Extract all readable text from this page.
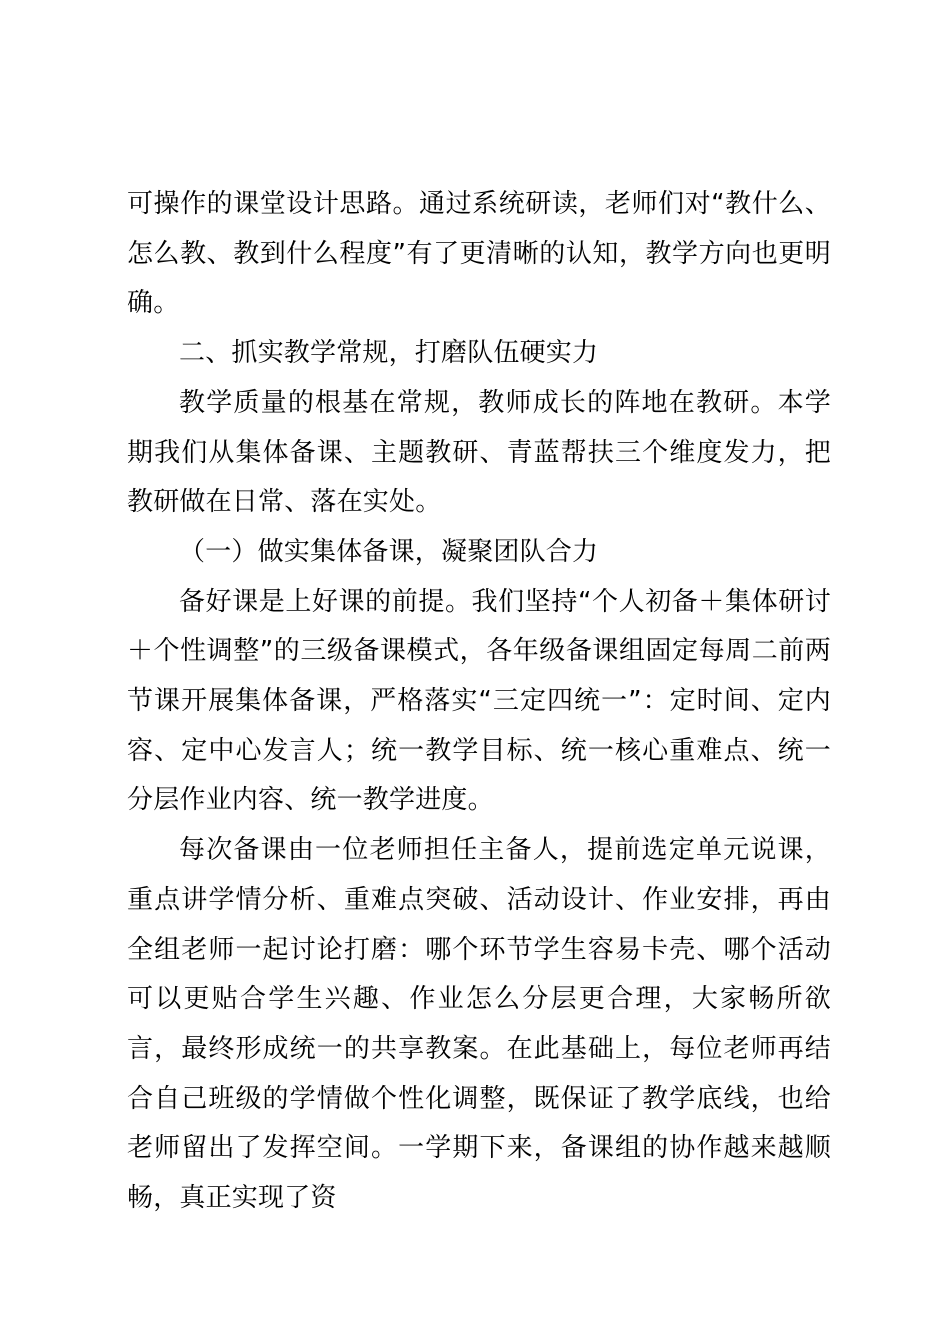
可操作的课堂设计思路。通过系统研读，老师们对“教什么、怎么教、教到什么程度”有了更清晰的认知，教学方向也更明确。

二、抓实教学常规，打磨队伍硬实力

教学质量的根基在常规，教师成长的阵地在教研。本学期我们从集体备课、主题教研、青蓝帮扶三个维度发力，把教研做在日常、落在实处。

（一）做实集体备课，凝聚团队合力

备好课是上好课的前提。我们坚持“个人初备＋集体研讨＋个性调整”的三级备课模式，各年级备课组固定每周二前两节课开展集体备课，严格落实“三定四统一”：定时间、定内容、定中心发言人；统一教学目标、统一核心重难点、统一分层作业内容、统一教学进度。

每次备课由一位老师担任主备人，提前选定单元说课，重点讲学情分析、重难点突破、活动设计、作业安排，再由全组老师一起讨论打磨：哪个环节学生容易卡壳、哪个活动可以更贴合学生兴趣、作业怎么分层更合理，大家畅所欲言，最终形成统一的共享教案。在此基础上，每位老师再结合自己班级的学情做个性化调整，既保证了教学底线，也给老师留出了发挥空间。一学期下来，备课组的协作越来越顺畅，真正实现了资
